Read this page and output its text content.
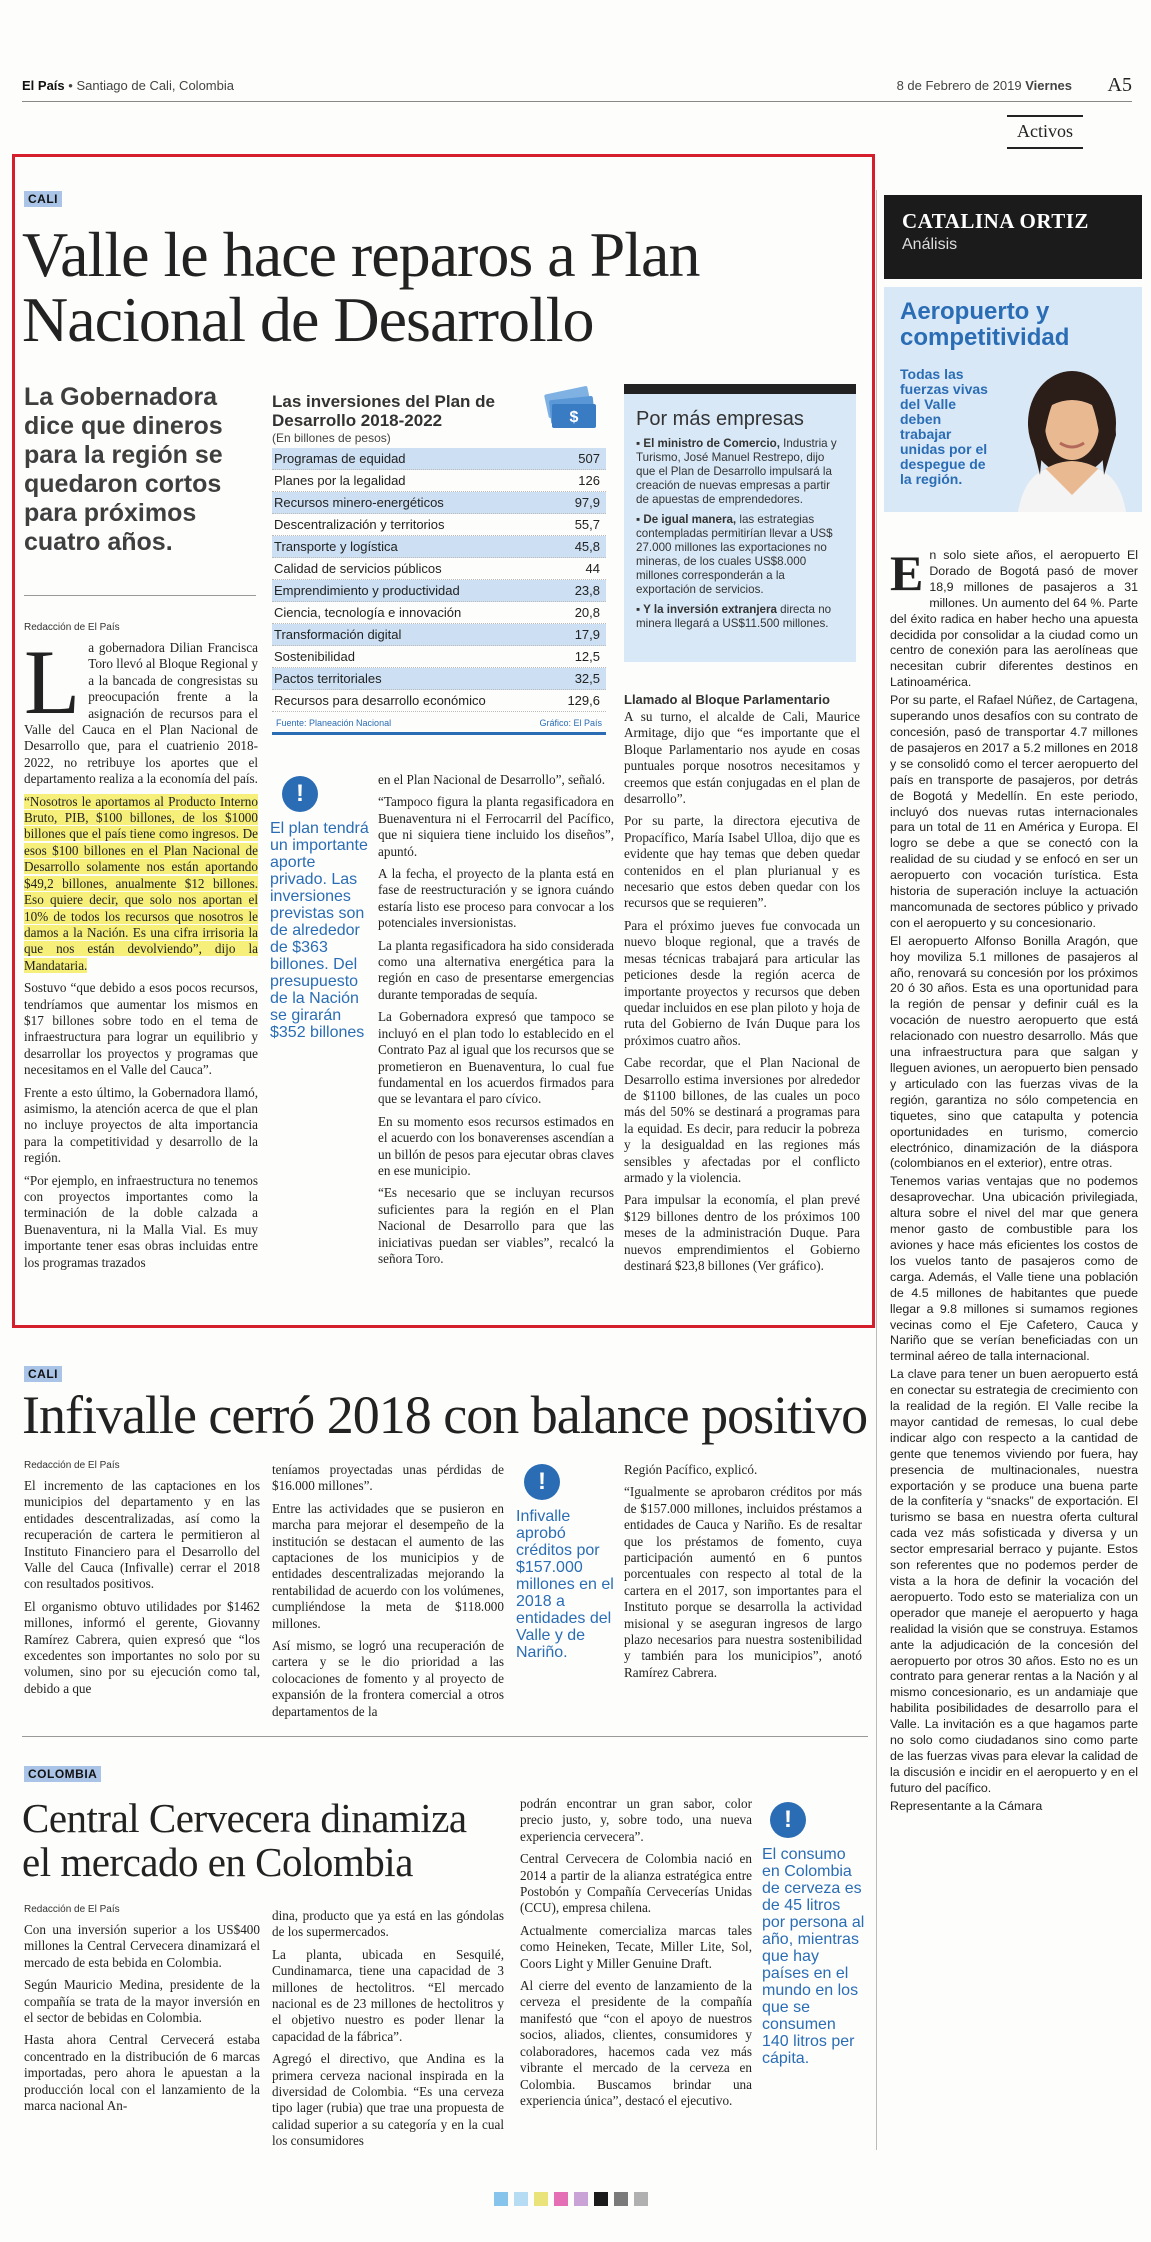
El País • Santiago de Cali, Colombia	8 de Febrero de 2019 Viernes A5
Activos
CALI
Valle le hace reparos a Plan Nacional de Desarrollo
La Gobernadora dice que dineros para la región se quedaron cortos para próximos cuatro años.
Redacción de El País
L a gobernadora Dilian Francisca Toro llevó al Bloque Regional y a la bancada de congresistas su preocupación frente a la asignación de recursos para el Valle del Cauca en el Plan Nacional de Desarrollo que, para el cuatrienio 2018-2022, no retribuye los aportes que el departamento realiza a la economía del país.

“Nosotros le aportamos al Producto Interno Bruto, PIB, $100 billones, de los $1000 billones que el país tiene como ingresos. De esos $100 billones en el Plan Nacional de Desarrollo solamente nos están aportando $49,2 billones, anualmente $12 billones. Eso quiere decir, que solo nos aportan el 10% de todos los recursos que nosotros le damos a la Nación. Es una cifra irrisoria la que nos están devolviendo”, dijo la Mandataria.

Sostuvo “que debido a esos pocos recursos, tendríamos que aumentar los mismos en $17 billones sobre todo en el tema de infraestructura para lograr un equilibrio y desarrollar los proyectos y programas que necesitamos en el Valle del Cauca”.

Frente a esto último, la Gobernadora llamó, asimismo, la atención acerca de que el plan no incluye proyectos de alta importancia para la competitividad y desarrollo de la región.

“Por ejemplo, en infraestructura no tenemos con proyectos importantes como la terminación de la doble calzada a Buenaventura, ni la Malla Vial. Es muy importante tener esas obras incluidas entre los programas trazados

!
El plan tendrá un importante aporte privado. Las inversiones previstas son de alrededor de $363 billones. Del presupuesto de la Nación se girarán $352 billones

en el Plan Nacional de Desarrollo”, señaló.

“Tampoco figura la planta regasificadora en Buenaventura ni el Ferrocarril del Pacífico, que ni siquiera tiene incluido los diseños”, apuntó.

A la fecha, el proyecto de la planta está en fase de reestructuración y se ignora cuándo estaría listo ese proceso para convocar a los potenciales inversionistas.

La planta regasificadora ha sido considerada como una alternativa energética para la región en caso de presentarse emergencias durante temporadas de sequía.

La Gobernadora expresó que tampoco se incluyó en el plan todo lo establecido en el Contrato Paz al igual que los recursos que se prometieron en Buenaventura, lo cual fue fundamental en los acuerdos firmados para que se levantara el paro cívico.

En su momento esos recursos estimados en el acuerdo con los bonaverenses ascendían a un billón de pesos para ejecutar obras claves en ese municipio.

“Es necesario que se incluyan recursos suficientes para la región en el Plan Nacional de Desarrollo para que las iniciativas puedan ser viables”, recalcó la señora Toro.

Las inversiones del Plan de Desarrollo 2018-2022
(En billones de pesos)
$
Programas de equidad	507
Planes por la legalidad	126
Recursos minero-energéticos	97,9
Descentralización y territorios	55,7
Transporte y logística	45,8
Calidad de servicios públicos	44
Emprendimiento y productividad	23,8
Ciencia, tecnología e innovación	20,8
Transformación digital	17,9
Sostenibilidad	12,5
Pactos territoriales	32,5
Recursos para desarrollo económico	129,6
Fuente: Planeación Nacional	Gráfico: El País
Por más empresas

▪ El ministro de Comercio, Industria y Turismo, José Manuel Restrepo, dijo que el Plan de Desarrollo impulsará la creación de nuevas empresas a partir de apuestas de emprendedores.

▪ De igual manera, las estrategias contempladas permitirían llevar a US$ 27.000 millones las exportaciones no mineras, de los cuales US$8.000 millones corresponderán a la exportación de servicios.

▪ Y la inversión extranjera directa no minera llegará a US$11.500 millones.

Llamado al Bloque Parlamentario

A su turno, el alcalde de Cali, Maurice Armitage, dijo que “es importante que el Bloque Parlamentario nos ayude en cosas puntuales porque nosotros necesitamos y creemos que están conjugadas en el plan de desarrollo”.

Por su parte, la directora ejecutiva de Propacífico, María Isabel Ulloa, dijo que es evidente que hay temas que deben quedar contenidos en el plan plurianual y es necesario que estos deben quedar con los recursos que se requieren”.

Para el próximo jueves fue convocada un nuevo bloque regional, que a través de mesas técnicas trabajará para articular las peticiones desde la región acerca de importante proyectos y recursos que deben quedar incluidos en ese plan piloto y hoja de ruta del Gobierno de Iván Duque para los próximos cuatro años.

Cabe recordar, que el Plan Nacional de Desarrollo estima inversiones por alrededor de $1100 billones, de las cuales un poco más del 50% se destinará a programas para la equidad. Es decir, para reducir la pobreza y la desigualdad en las regiones más sensibles y afectadas por el conflicto armado y la violencia.

Para impulsar la economía, el plan prevé $129 billones dentro de los próximos 100 meses de la administración Duque. Para nuevos emprendimientos el Gobierno destinará $23,8 billones (Ver gráfico).

CALI
Infivalle cerró 2018 con balance positivo
Redacción de El País

El incremento de las captaciones en los municipios del departamento y en las entidades descentralizadas, así como la recuperación de cartera le permitieron al Instituto Financiero para el Desarrollo del Valle del Cauca (Infivalle) cerrar el 2018 con resultados positivos.

El organismo obtuvo utilidades por $1462 millones, informó el gerente, Giovanny Ramírez Cabrera, quien expresó que “los excedentes son importantes no solo por su volumen, sino por su ejecución como tal, debido a que

teníamos proyectadas unas pérdidas de $16.000 millones”.

Entre las actividades que se pusieron en marcha para mejorar el desempeño de la institución se destacan el aumento de las captaciones de los municipios y de entidades descentralizadas mejorando la rentabilidad de acuerdo con los volúmenes, cumpliéndose la meta de $118.000 millones.

Así mismo, se logró una recuperación de cartera y se le dio prioridad a las colocaciones de fomento y al proyecto de expansión de la frontera comercial a otros departamentos de la

!
Infivalle aprobó créditos por $157.000 millones en el 2018 a entidades del Valle y de Nariño.

Región Pacífico, explicó.

“Igualmente se aprobaron créditos por más de $157.000 millones, incluidos préstamos a entidades de Cauca y Nariño. Es de resaltar que los préstamos de fomento, cuya participación aumentó en 6 puntos porcentuales con respecto al total de la cartera en el 2017, son importantes para el Instituto porque se desarrolla la actividad misional y se aseguran ingresos de largo plazo necesarios para nuestra sostenibilidad y también para los municipios”, anotó Ramírez Cabrera.

COLOMBIA
Central Cervecera dinamiza el mercado en Colombia
Redacción de El País

Con una inversión superior a los US$400 millones la Central Cervecera dinamizará el mercado de esta bebida en Colombia.

Según Mauricio Medina, presidente de la compañía se trata de la mayor inversión en el sector de bebidas en Colombia.

Hasta ahora Central Cervecerá estaba concentrado en la distribución de 6 marcas importadas, pero ahora le apuestan a la producción local con el lanzamiento de la marca nacional An-

dina, producto que ya está en las góndolas de los supermercados.

La planta, ubicada en Sesquilé, Cundinamarca, tiene una capacidad de 3 millones de hectolitros. “El mercado nacional es de 23 millones de hectolitros y el objetivo nuestro es poder llenar la capacidad de la fábrica”.

Agregó el directivo, que Andina es la primera cerveza nacional inspirada en la diversidad de Colombia. “Es una cerveza tipo lager (rubia) que trae una propuesta de calidad superior a su categoría y en la cual los consumidores

podrán encontrar un gran sabor, color precio justo, y, sobre todo, una nueva experiencia cervecera”.

Central Cervecera de Colombia nació en 2014 a partir de la alianza estratégica entre Postobón y Compañía Cervecerías Unidas (CCU), empresa chilena.

Actualmente comercializa marcas tales como Heineken, Tecate, Miller Lite, Sol, Coors Light y Miller Genuine Draft.

Al cierre del evento de lanzamiento de la cerveza el presidente de la compañía manifestó que “con el apoyo de nuestros socios, aliados, clientes, consumidores y colaboradores, hacemos cada vez más vibrante el mercado de la cerveza en Colombia. Buscamos brindar una experiencia única”, destacó el ejecutivo.

!
El consumo en Colombia de cerveza es de 45 litros por persona al año, mientras que hay países en el mundo en los que se consumen 140 litros per cápita.
CATALINA ORTIZ
Análisis
Aeropuerto y competitividad
Todas las fuerzas vivas del Valle deben trabajar unidas por el despegue de la región.
E n solo siete años, el aeropuerto El Dorado de Bogotá pasó de mover 18,9 millones de pasajeros a 31 millones. Un aumento del 64 %. Parte del éxito radica en haber hecho una apuesta decidida por consolidar a la ciudad como un centro de conexión para las aerolíneas que necesitan cubrir diferentes destinos en Latinoamérica.

Por su parte, el Rafael Núñez, de Cartagena, superando unos desafíos con su contrato de concesión, pasó de transportar 4.7 millones de pasajeros en 2017 a 5.2 millones en 2018 y se consolidó como el tercer aeropuerto del país en transporte de pasajeros, por detrás de Bogotá y Medellín. En este periodo, incluyó dos nuevas rutas internacionales para un total de 11 en América y Europa. El logro se debe a que se conectó con la realidad de su ciudad y se enfocó en ser un aeropuerto con vocación turística. Esta historia de superación incluye la actuación mancomunada de sectores público y privado con el aeropuerto y su concesionario.

El aeropuerto Alfonso Bonilla Aragón, que hoy moviliza 5.1 millones de pasajeros al año, renovará su concesión por los próximos 20 ó 30 años. Esta es una oportunidad para la región de pensar y definir cuál es la vocación de nuestro aeropuerto que está relacionado con nuestro desarrollo. Más que una infraestructura para que salgan y lleguen aviones, un aeropuerto bien pensado y articulado con las fuerzas vivas de la región, garantiza no sólo competencia en tiquetes, sino que catapulta y potencia oportunidades en turismo, comercio electrónico, dinamización de la diáspora (colombianos en el exterior), entre otras.

Tenemos varias ventajas que no podemos desaprovechar. Una ubicación privilegiada, altura sobre el nivel del mar que genera menor gasto de combustible para los aviones y hace más eficientes los costos de los vuelos tanto de pasajeros como de carga. Además, el Valle tiene una población de 4.5 millones de habitantes que puede llegar a 9.8 millones si sumamos regiones vecinas como el Eje Cafetero, Cauca y Nariño que se verían beneficiadas con un terminal aéreo de talla internacional.

La clave para tener un buen aeropuerto está en conectar su estrategia de crecimiento con la realidad de la región. El Valle recibe la mayor cantidad de remesas, lo cual debe indicar algo con respecto a la cantidad de gente que tenemos viviendo por fuera, hay presencia de multinacionales, nuestra exportación y se produce una buena parte de la confitería y “snacks” de exportación. El turismo se basa en nuestra oferta cultural cada vez más sofisticada y diversa y un sector empresarial berraco y pujante. Estos son referentes que no podemos perder de vista a la hora de definir la vocación del aeropuerto. Todo esto se materializa con un operador que maneje el aeropuerto y haga realidad la visión que se construya. Estamos ante la adjudicación de la concesión del aeropuerto por otros 30 años. Esto no es un contrato para generar rentas a la Nación y al mismo concesionario, es un andamiaje que habilita posibilidades de desarrollo para el Valle. La invitación es a que hagamos parte no solo como ciudadanos sino como parte de las fuerzas vivas para elevar la calidad de la discusión e incidir en el aeropuerto y en el futuro del pacífico.

Representante a la Cámara
